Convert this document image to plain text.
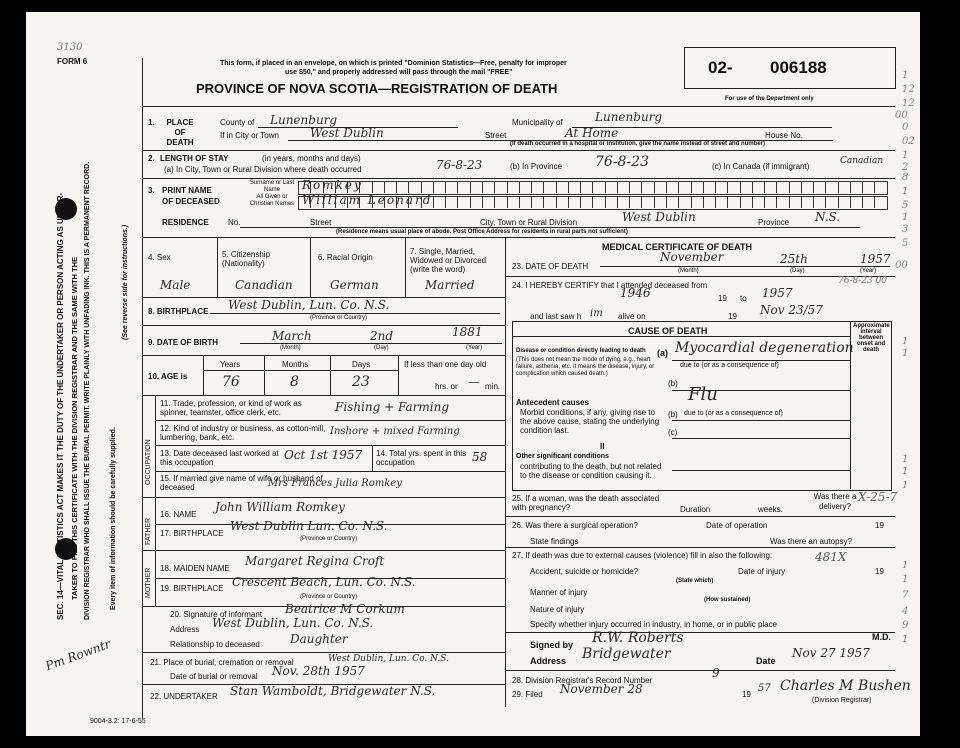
3130
FORM 6
SEC. 14—VITAL STATISTICS ACT MAKES IT THE DUTY OF THE UNDERTAKER OR PERSON ACTING AS UNDER- TAKER TO FILE THIS CERTIFICATE WITH THE DIVISION REGISTRAR AND THE SAME WITH THE DIVISION REGISTRAR WHO SHALL ISSUE THE BURIAL PERMIT. WRITE PLAINLY WITH UNFADING INK. THIS IS A PERMANENT RECORD.	Every item of information should be carefully supplied.
(See reverse side for instructions.)
Pm Rowntr
9004-3.2: 17-6-55
This form, if placed in an envelope, on which is printed "Dominion Statistics—Free, penalty for improper
use $50," and properly addressed will pass through the mail "FREE"
PROVINCE OF NOVA SCOTIA—REGISTRATION OF DEATH
02- 006188
For use of the Department only
1.	PLACE OF DEATH
County of Lunenburg	Municipality of	Lunenburg
If in City or Town	West Dublin	Street	At Home	House No.
(If death occurred in a hospital or institution, give the name instead of street and number)
2. LENGTH OF STAY	(in years, months and days)
(a) In City, Town or Rural Division where death occurred	76-8-23	(b) In Province 76-8-23	(c) In Canada (if immigrant)
Canadian
3. PRINT NAME
OF DECEASED
Surname or Last Name	Romkey
All Given or Christian Names William Leonard
RESIDENCE No.	Street	City, Town or Rural Division	West Dublin	Province N.S.
(Residence means usual place of abode. Post Office Address for residents in rural parts not sufficient)
4. Sex
Male
5. Citizenship (Nationality)
Canadian
6. Racial Origin
German
7. Single, Married, Widowed or Divorced (write the word)
Married
8. BIRTHPLACE West Dublin, Lun. Co. N.S.
(Province or Country)
9. DATE OF BIRTH	March	2nd	1881
(Month)	(Day)	(Year)
10. AGE is
Years	Months	Days
76	8	23
If less than one day old
hrs. or — min.
OCCUPATION
11. Trade, profession, or kind of work as spinner, teamster, office clerk, etc.	Fishing + Farming
12. Kind of industry or business, as cotton-mill, lumbering, bank, etc.
Inshore + mixed Farming
13. Date deceased last worked at this occupation
Oct 1st 1957 14. Total yrs. spent in this occupation	58
15. If married give name of wife or husband of deceased	Mrs Frances Julia Romkey
FATHER
MOTHER
16. NAME
John William Romkey
17. BIRTHPLACE
West Dublin Lun. Co. N.S.
(Province or Country)
18. MAIDEN NAME
Margaret Regina Croft
19. BIRTHPLACE Crescent Beach, Lun. Co. N.S.
(Province or Country)
20. Signature of informant Beatrice M Corkum
Address West Dublin, Lun. Co. N.S.
Relationship to deceased	Daughter
21. Place of burial, cremation or removal	West Dublin, Lun. Co. N.S.
Date of burial or removal Nov. 28th 1957
22. UNDERTAKER Stan Wamboldt, Bridgewater N.S.
MEDICAL CERTIFICATE OF DEATH
23. DATE OF DEATH
November	25th	1957
(Month)	(Day)	(Year)
24. I HEREBY CERTIFY that I attended deceased from
1946	19 to 1957
and last saw h im alive on	19 Nov 23/57
CAUSE OF DEATH	Approximate interval between onset and death
Disease or condition directly leading to death
(This does not mean the mode of dying, e.g., heart failure, asthenia, etc. It means the disease, injury, or complication which caused death.)
(a) Myocardial degeneration
due to (or as a consequence of)
(b)
Flu
Antecedent causes
Morbid conditions, if any, giving rise to the above cause, stating the underlying condition last.
(b) due to (or as a consequence of)
(c)
II
Other significant conditions
contributing to the death, but not related to the disease or condition causing it.
25. If a woman, was the death associated with pregnancy?	Duration	weeks.
Was there a delivery?
26. Was there a surgical operation?	Date of operation	19
State findings	Was there an autopsy?
27. If death was due to external causes (violence) fill in also the following:
Accident, suicide or homicide?	Date of injury	19
(State which)
Manner of injury
(How sustained)
Nature of injury
Specify whether injury occurred in industry, in home, or in public place
Signed by R.W. Roberts	M.D.
Address Bridgewater	Date
Nov 27 1957
28. Division Registrar's Record Number
9
29. Filed November 28	19
57 Charles M Bushen
(Division Registrar)
1
12
12
00
0
02
1
2
8
1
5
1
3
5
1
1
00
1
1
1
1
1
7
4
9
1
76-8-23 00
X-25-7
481X
